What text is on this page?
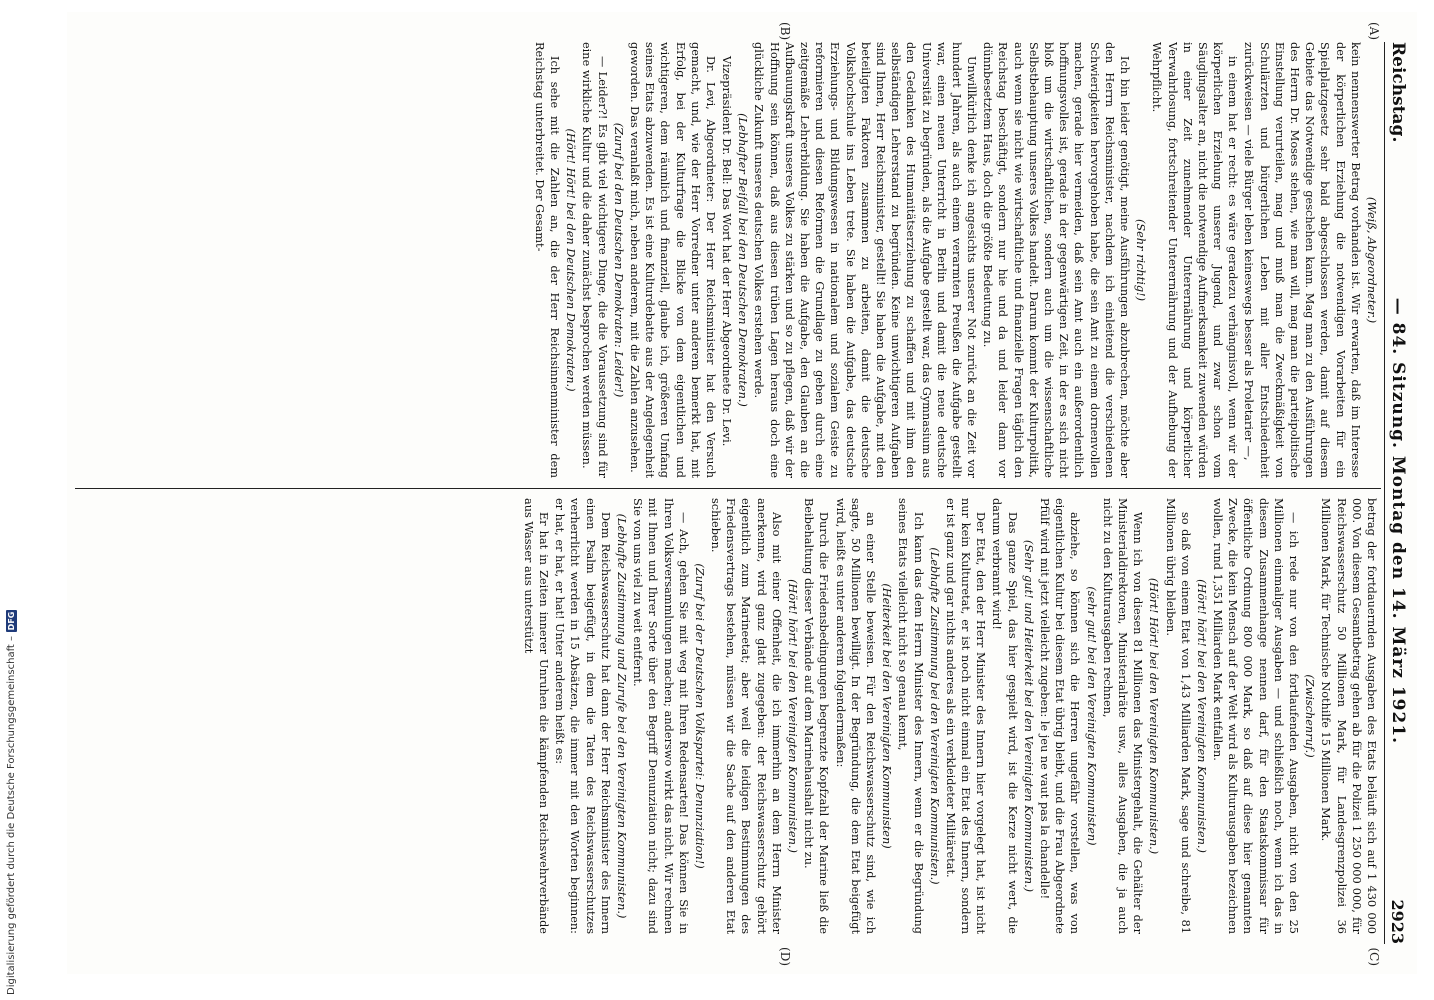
Reichstag.
— 84. Sitzung. Montag den 14. März 1921.
2923
(A)
(B)
(C)
(D)

(Weiß, Abgeordneter.)

kein nennenswerter Betrag vorhanden ist. Wir erwarten, daß im Interesse der körperlichen Erziehung die notwendigen Vorarbeiten für ein Spielplatzgesetz sehr bald abgeschlossen werden, damit auf diesem Gebiete das Notwendige geschehen kann. Mag man zu den Ausführungen des Herrn Dr. Moses stehen, wie man will, mag man die parteipolitische Einstellung verurteilen, mag und muß man die Zweckmäßigkeit von Schulärzten und bürgerlichen Leben mit aller Entschiedenheit zurückweisen — viele Bürger leben keineswegs besser als Proletarier —,

in einem hat er recht: es wäre geradezu verhängnisvoll, wenn wir der körperlichen Erziehung unserer Jugend, und zwar schon vom Säuglingsalter an, nicht die notwendige Aufmerksamkeit zuwenden würden in einer Zeit zunehmender Unterernährung und körperlicher Verwahrlosung, fortschreitender Unterernährung und der Aufhebung der Wehrpflicht.

(Sehr richtig!)

Ich bin leider genötigt, meine Ausführungen abzubrechen, möchte aber den Herrn Reichsminister, nachdem ich einleitend die verschiedenen Schwierigkeiten hervorgehoben habe, die sein Amt zu einem dornenvollen machen, gerade hier vermeiden, daß sein Amt auch ein außerordentlich hoffnungsvolles ist, gerade in der gegenwärtigen Zeit, in der es sich nicht bloß um die wirtschaftlichen, sondern auch um die wissenschaftliche Selbstbehauptung unseres Volkes handelt. Darum kommt der Kulturpolitik, auch wenn sie nicht wie wirtschaftliche und finanzielle Fragen täglich den Reichstag beschäftigt, sondern nur hie und da und leider dann vor dünnbesetztem Haus, doch die größte Bedeutung zu.

Unwillkürlich denke ich angesichts unserer Not zurück an die Zeit vor hundert Jahren, als auch einem verarmten Preußen die Aufgabe gestellt war, einen neuen Unterricht in Berlin und damit die neue deutsche Universität zu begründen, als die Aufgabe gestellt war, das Gymnasium aus den Gedanken des Humanitätserziehung zu schaffen und mit ihm den selbständigen Lehrerstand zu begründen. Keine unwichtigeren Aufgaben sind Ihnen, Herr Reichsminister, gestellt! Sie haben die Aufgabe, mit den beteiligten Faktoren zusammen zu arbeiten, damit die deutsche Volkshochschule ins Leben trete. Sie haben die Aufgabe, das deutsche Erziehungs- und Bildungswesen in nationalem und sozialem Geiste zu reformieren und diesen Reformen die Grundlage zu geben durch eine zeitgemäße Lehrerbildung. Sie haben die Aufgabe, den Glauben an die Aufbauungskraft unseres Volkes zu stärken und so zu pflegen, daß wir der Hoffnung sein können, daß aus diesen trüben Lagen heraus doch eine glückliche Zukunft unseres deutschen Volkes erstehen werde.

(Lebhafter Beifall bei den Deutschen Demokraten.)

Vizepräsident Dr. Bell: Das Wort hat der Herr Abgeordnete Dr. Levi.

Dr. Levi, Abgeordneter: Der Herr Reichsminister hat den Versuch gemacht, und, wie der Herr Vorredner unter anderem bemerkt hat, mit Erfolg, bei der Kulturfrage die Blicke von dem eigentlichen und wichtigeren, dem räumlich und finanziell, glaube ich, größeren Umfang seines Etats abzuwenden. Es ist eine Kulturdebatte aus der Angelegenheit geworden. Das veranlaßt mich, neben anderem, mit die Zahlen anzusehen.

(Zuruf bei den Deutschen Demokraten: Leider!)

— Leider?! Es gibt viel wichtigere Dinge, die die Voraussetzung sind für eine wirkliche Kultur und die daher zunächst besprochen werden müssen.

(Hört! Hört! bei den Deutschen Demokraten.)

Ich sehe mit die Zahlen an, die der Herr Reichsinnenminister dem Reichstag unterbreitet. Der Gesamt-

betrag der fortdauernden Ausgaben des Etats beläuft sich auf 1 430 000 000. Von diesem Gesamtbetrag gehen ab für die Polizei 1 250 000 000, für Reichswasserschutz 50 Millionen Mark, für Landesgrenzpolizei 36 Millionen Mark, für Technische Nothilfe 15 Millionen Mark.

(Zwischenruf.)

— ich rede nur von den fortlaufenden Ausgaben, nicht von den 25 Millionen einmaliger Ausgaben — und schließlich noch, wenn ich das in diesem Zusammenhange nennen darf, für den Staatskommissar für öffentliche Ordnung 800 000 Mark, so daß auf diese hier genannten Zwecke, die kein Mensch auf der Welt wird als Kulturausgaben bezeichnen wollen, rund 1,351 Milliarden Mark entfallen.

(Hört! hört! bei den Vereinigten Kommunisten.)

so daß von einem Etat von 1,43 Milliarden Mark, sage und schreibe, 81 Millionen übrig bleiben.

(Hört! Hört! bei den Vereinigten Kommunisten.)

Wenn ich von diesen 81 Millionen das Ministergehalt, die Gehälter der Ministerialdirektoren, Ministerialräte usw., alles Ausgaben, die ja auch nicht zu den Kulturausgaben rechnen,

(sehr gut! bei den Vereinigten Kommunisten)

abziehe, so können sich die Herren ungefähr vorstellen, was von eigentlichen Kultur bei diesem Etat übrig bleibt, und die Frau Abgeordnete Pfülf wird mit jetzt vielleicht zugeben: le jeu ne vaut pas la chandelle!

(Sehr gut! und Heiterkeit bei den Vereinigten Kommunisten.)

Das ganze Spiel, das hier gespielt wird, ist die Kerze nicht wert, die darum verbrannt wird!

Der Etat, den der Herr Minister des Innern hier vorgelegt hat, ist nicht nur kein Kulturetat, er ist noch nicht einmal ein Etat des Innern, sondern er ist ganz und gar nichts anderes als ein verkleideter Militäretat.

(Lebhafte Zustimmung bei den Vereinigten Kommunisten.)

Ich kann das dem Herrn Minister des Innern, wenn er die Begründung seines Etats vielleicht nicht so genau kennt,

(Heiterkeit bei den Vereinigten Kommunisten)

an einer Stelle beweisen. Für den Reichswasserschutz sind, wie ich sagte, 50 Millionen bewilligt. In der Begründung, die dem Etat beigefügt wird, heißt es unter anderem folgendermaßen:

Durch die Friedensbedingungen begrenzte Kopfzahl der Marine ließ die Beibehaltung dieser Verbände auf dem Marinehaushalt nicht zu.

(Hört! hört! bei den Vereinigten Kommunisten.)

Also mit einer Offenheit, die ich immerhin an dem Herrn Minister anerkenne, wird ganz glatt zugegeben: der Reichswasserschutz gehört eigentlich zum Marineetat; aber weil die leidigen Bestimmungen des Friedensvertrags bestehen, müssen wir die Sache auf den anderen Etat schieben.

(Zuruf bei der Deutschen Volkspartei: Denunziation!)

— Ach, gehen Sie mit weg mit Ihren Redensarten! Das können Sie in Ihren Volksversammlungen machen; anderswo wirkt das nicht. Wir rechnen mit Ihnen und Ihrer Sorte über den Begriff Denunziation nicht; dazu sind Sie von uns viel zu weit entfernt.

(Lebhafte Zustimmung und Zurufe bei den Vereinigten Kommunisten.)

Dem Reichswasserschutz hat dann der Herr Reichsminister des Innern einen Psalm beigefügt, in dem die Taten des Reichswasserschutzes verherrlicht werden in 15 Absätzen, die immer mit den Worten beginnen: er hat, er hat, er hat! Unter anderem heißt es:

Er hat in Zeiten innerer Unruhen die kämpfenden Reichswehrverbände aus Wasser aus unterstützt

Digitalisierung gefördert durch die Deutsche Forschungsgemeinschaft –
DFG
